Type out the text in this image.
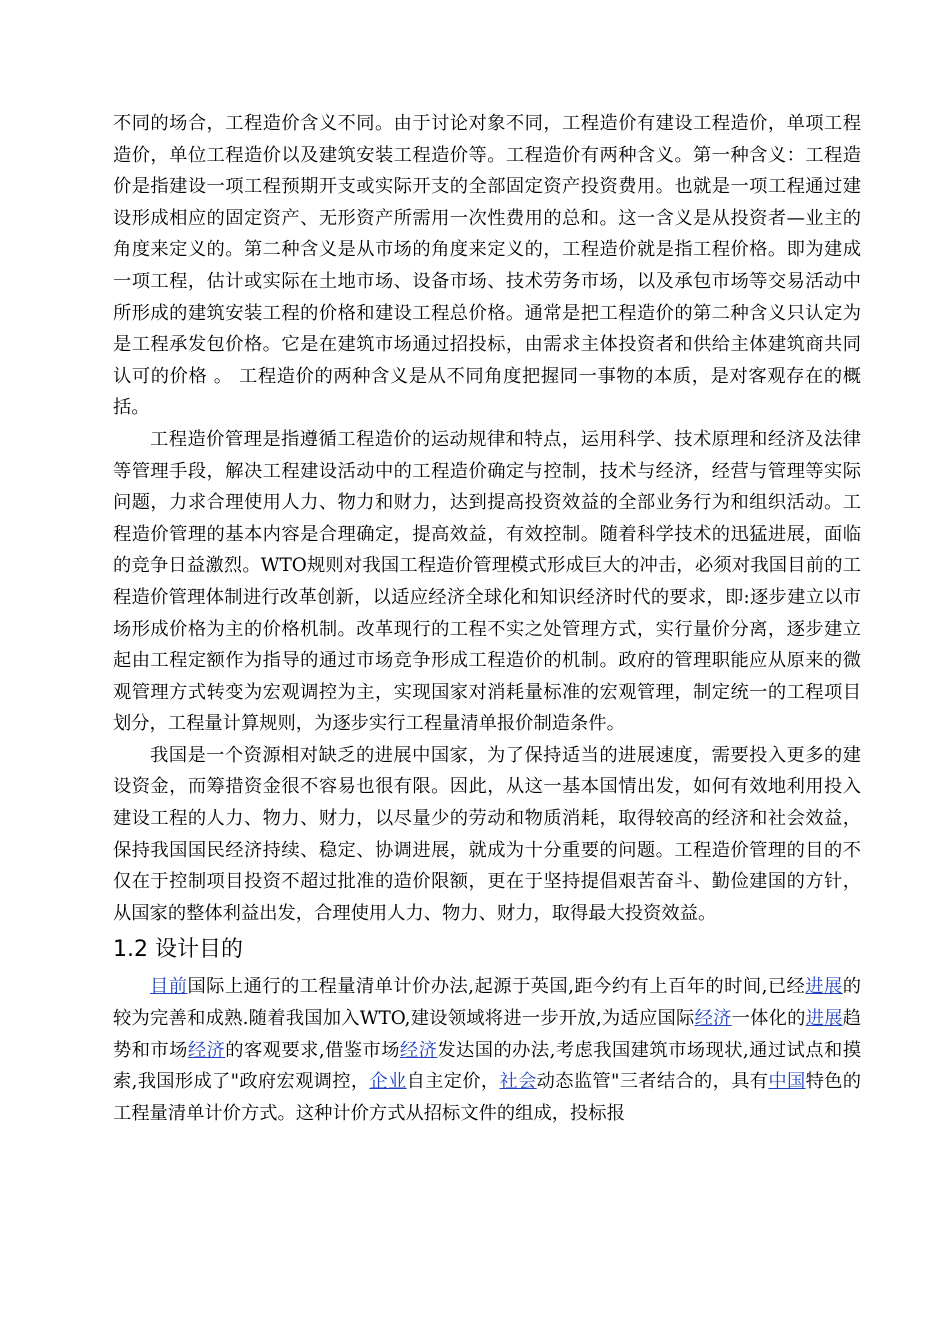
不同的场合，工程造价含义不同。由于讨论对象不同，工程造价有建设工程造价，单项工程造价，单位工程造价以及建筑安装工程造价等。工程造价有两种含义。第一种含义：工程造价是指建设一项工程预期开支或实际开支的全部固定资产投资费用。也就是一项工程通过建设形成相应的固定资产、无形资产所需用一次性费用的总和。这一含义是从投资者—业主的角度来定义的。第二种含义是从市场的角度来定义的，工程造价就是指工程价格。即为建成一项工程，估计或实际在土地市场、设备市场、技术劳务市场，以及承包市场等交易活动中所形成的建筑安装工程的价格和建设工程总价格。通常是把工程造价的第二种含义只认定为是工程承发包价格。它是在建筑市场通过招投标，由需求主体投资者和供给主体建筑商共同认可的价格 。 工程造价的两种含义是从不同角度把握同一事物的本质，是对客观存在的概括。

工程造价管理是指遵循工程造价的运动规律和特点，运用科学、技术原理和经济及法律等管理手段，解决工程建设活动中的工程造价确定与控制，技术与经济，经营与管理等实际问题，力求合理使用人力、物力和财力，达到提高投资效益的全部业务行为和组织活动。工程造价管理的基本内容是合理确定，提高效益，有效控制。随着科学技术的迅猛进展，面临的竞争日益激烈。WTO规则对我国工程造价管理模式形成巨大的冲击，必须对我国目前的工程造价管理体制进行改革创新，以适应经济全球化和知识经济时代的要求，即:逐步建立以市场形成价格为主的价格机制。改革现行的工程不实之处管理方式，实行量价分离，逐步建立起由工程定额作为指导的通过市场竞争形成工程造价的机制。政府的管理职能应从原来的微观管理方式转变为宏观调控为主，实现国家对消耗量标准的宏观管理，制定统一的工程项目划分，工程量计算规则，为逐步实行工程量清单报价制造条件。

我国是一个资源相对缺乏的进展中国家，为了保持适当的进展速度，需要投入更多的建设资金，而筹措资金很不容易也很有限。因此，从这一基本国情出发，如何有效地利用投入建设工程的人力、物力、财力，以尽量少的劳动和物质消耗，取得较高的经济和社会效益，保持我国国民经济持续、稳定、协调进展，就成为十分重要的问题。工程造价管理的目的不仅在于控制项目投资不超过批准的造价限额，更在于坚持提倡艰苦奋斗、勤俭建国的方针，从国家的整体利益出发，合理使用人力、物力、财力，取得最大投资效益。

1.2 设计目的

目前国际上通行的工程量清单计价办法,起源于英国,距今约有上百年的时间,已经进展的较为完善和成熟.随着我国加入WTO,建设领域将进一步开放,为适应国际经济一体化的进展趋势和市场经济的客观要求,借鉴市场经济发达国的办法,考虑我国建筑市场现状,通过试点和摸索,我国形成了"政府宏观调控，企业自主定价，社会动态监管"三者结合的，具有中国特色的工程量清单计价方式。这种计价方式从招标文件的组成，投标报
